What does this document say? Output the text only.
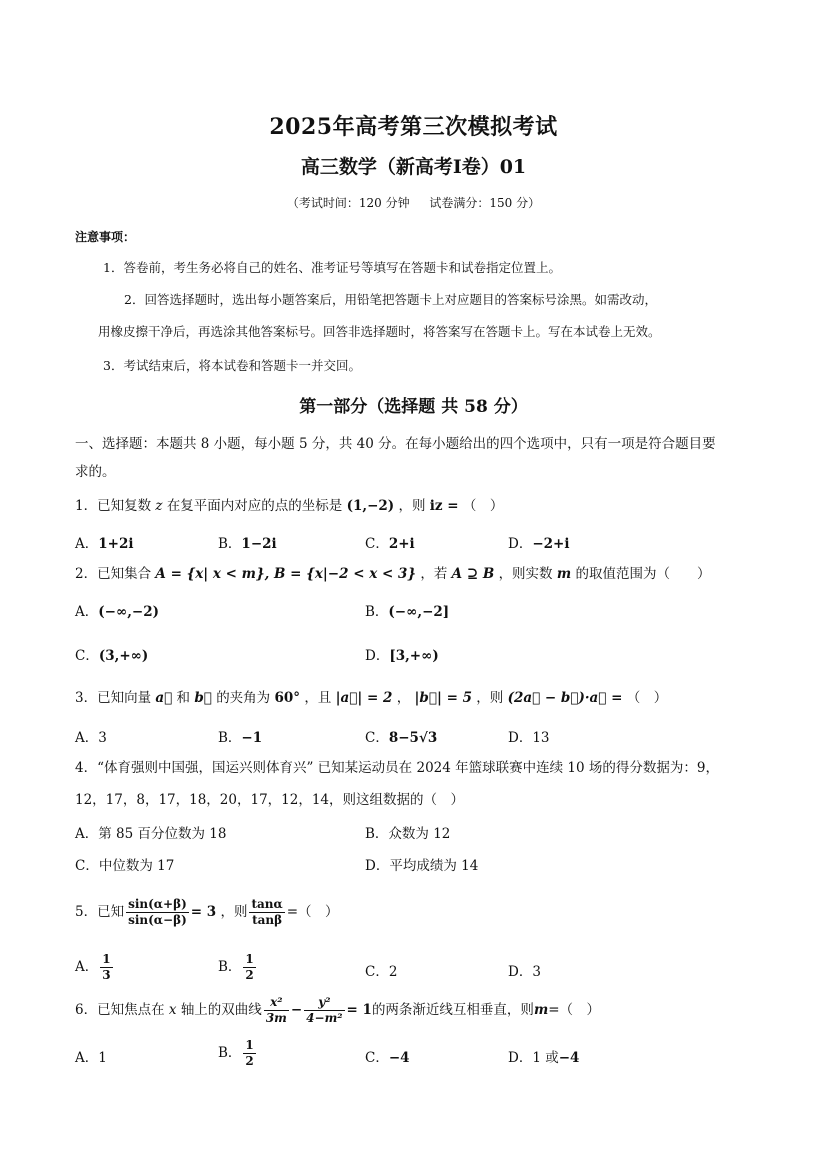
2025年高考第三次模拟考试
高三数学（新高考Ⅰ卷）01
（考试时间：120 分钟 试卷满分：150 分）
注意事项：
1．答卷前，考生务必将自己的姓名、准考证号等填写在答题卡和试卷指定位置上。
2．回答选择题时，选出每小题答案后，用铅笔把答题卡上对应题目的答案标号涂黑。如需改动，
用橡皮擦干净后，再选涂其他答案标号。回答非选择题时，将答案写在答题卡上。写在本试卷上无效。
3．考试结束后，将本试卷和答题卡一并交回。
第一部分（选择题 共 58 分）
一、选择题：本题共 8 小题，每小题 5 分，共 40 分。在每小题给出的四个选项中，只有一项是符合题目要
求的。
1．已知复数 z 在复平面内对应的点的坐标是 (1,−2) ，则 iz = （　）
A．1+2i	B．1−2i	C．2+i	D．−2+i
2．已知集合 A = {x| x < m}, B = {x|−2 < x < 3} ，若 A ⊇ B ，则实数 m 的取值范围为（　　）
A．(−∞,−2)	B．(−∞,−2]
C．(3,+∞)	D．[3,+∞)
3．已知向量 a⃗ 和 b⃗ 的夹角为 60° ，且 |a⃗| = 2 ， |b⃗| = 5 ，则 (2a⃗ − b⃗)·a⃗ = （　）
A．3	B．−1	C．8−5√3	D．13
4．“体育强则中国强，国运兴则体育兴” 已知某运动员在 2024 年篮球联赛中连续 10 场的得分数据为：9，
12，17，8，17，18，20，17，12，14，则这组数据的（　）
A．第 85 百分位数为 18	B．众数为 12
C．中位数为 17	D．平均成绩为 14
5．已知 $\frac{\sin(\alpha+\beta)}{\sin(\alpha-\beta)} = 3$ ，则 $\frac{\tan\alpha}{\tan\beta}$ =（　）
A． $\frac{1}{3}$	B． $\frac{1}{2}$	C．2	D．3
6．已知焦点在 x 轴上的双曲线 $\frac{\text{x²}}{3m} - \frac{\text{y²}}{\text{4−m²}} = 1$的两条渐近线互相垂直，则m=（　）
A．1	B． $\frac{1}{2}$	C．−4	D．1 或−4
